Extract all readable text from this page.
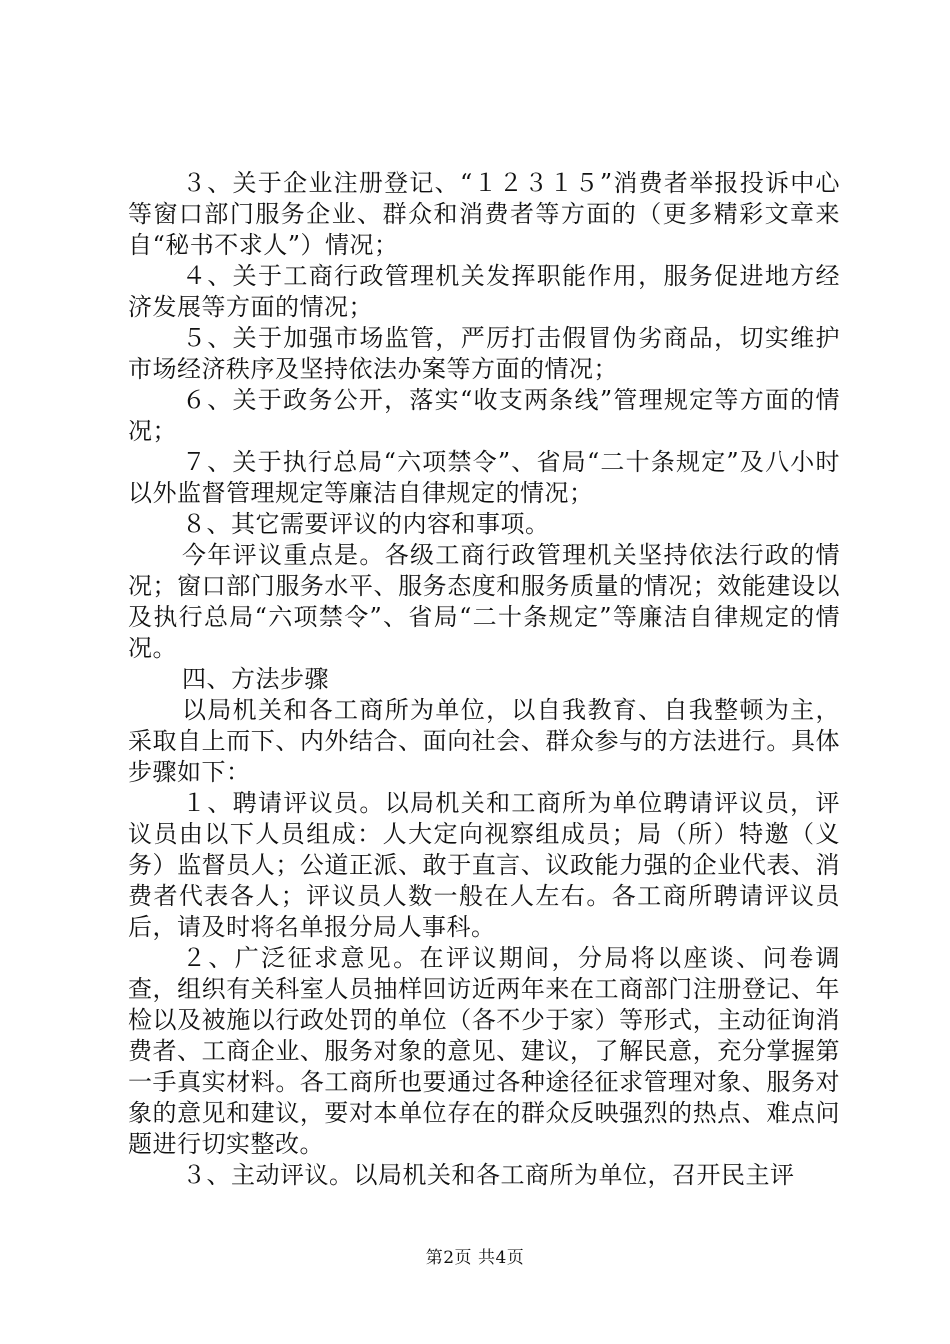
３、关于企业注册登记、“１２３１５”消费者举报投诉中心等窗口部门服务企业、群众和消费者等方面的（更多精彩文章来自“秘书不求人”）情况；

４、关于工商行政管理机关发挥职能作用，服务促进地方经济发展等方面的情况；

５、关于加强市场监管，严厉打击假冒伪劣商品，切实维护市场经济秩序及坚持依法办案等方面的情况；

６、关于政务公开，落实“收支两条线”管理规定等方面的情况；

７、关于执行总局“六项禁令”、省局“二十条规定”及八小时以外监督管理规定等廉洁自律规定的情况；

８、其它需要评议的内容和事项。

今年评议重点是。各级工商行政管理机关坚持依法行政的情况；窗口部门服务水平、服务态度和服务质量的情况；效能建设以及执行总局“六项禁令”、省局“二十条规定”等廉洁自律规定的情况。

四、方法步骤

以局机关和各工商所为单位，以自我教育、自我整顿为主，采取自上而下、内外结合、面向社会、群众参与的方法进行。具体步骤如下：

１、聘请评议员。以局机关和工商所为单位聘请评议员，评议员由以下人员组成：人大定向视察组成员；局（所）特邀（义务）监督员人；公道正派、敢于直言、议政能力强的企业代表、消费者代表各人；评议员人数一般在人左右。各工商所聘请评议员后，请及时将名单报分局人事科。

２、广泛征求意见。在评议期间，分局将以座谈、问卷调查，组织有关科室人员抽样回访近两年来在工商部门注册登记、年检以及被施以行政处罚的单位（各不少于家）等形式，主动征询消费者、工商企业、服务对象的意见、建议，了解民意，充分掌握第一手真实材料。各工商所也要通过各种途径征求管理对象、服务对象的意见和建议，要对本单位存在的群众反映强烈的热点、难点问题进行切实整改。

３、主动评议。以局机关和各工商所为单位，召开民主评

第2页 共4页
